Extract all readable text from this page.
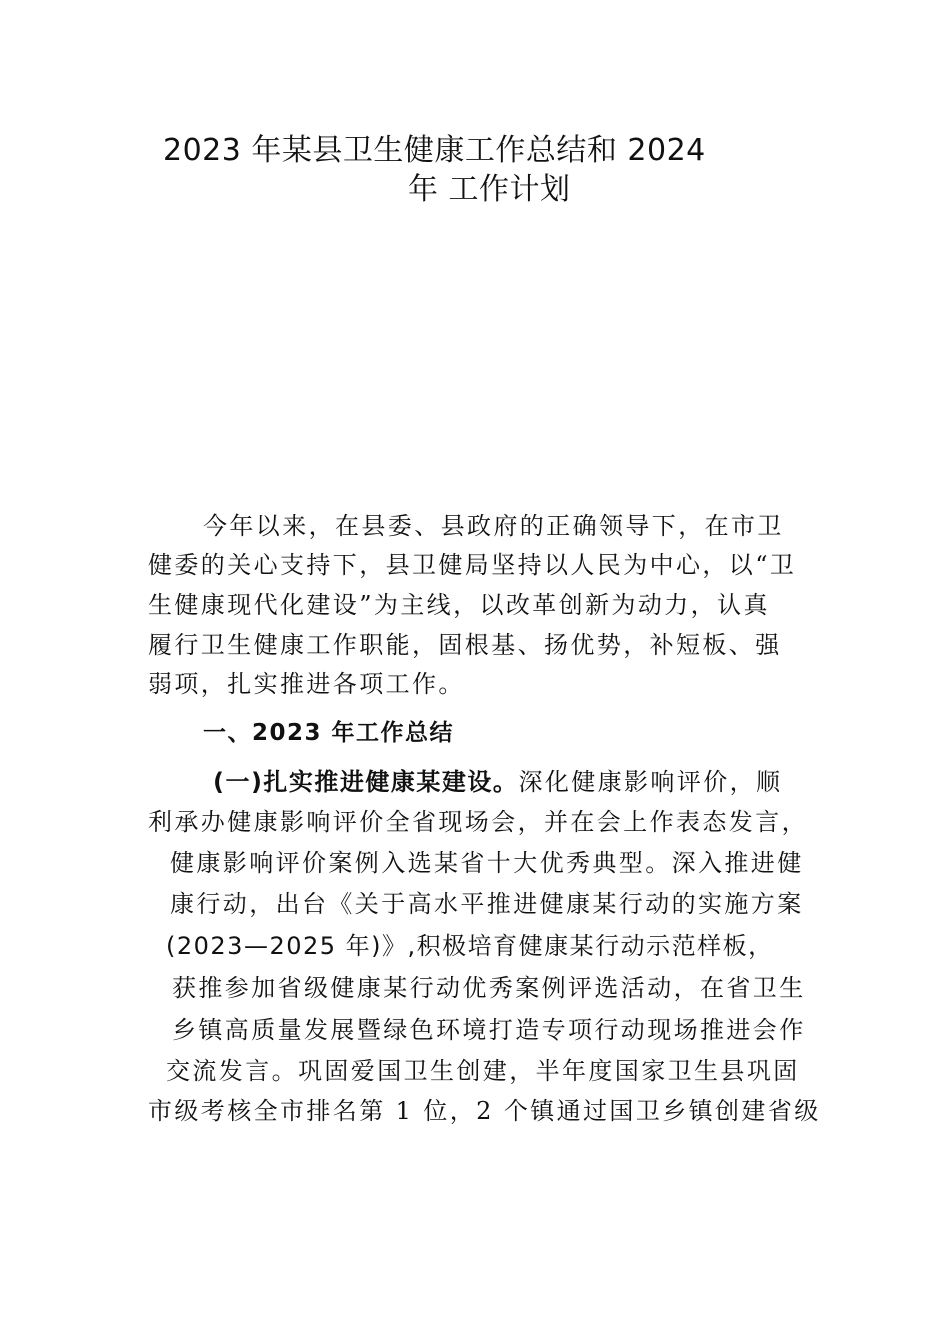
2023 年某县卫生健康工作总结和 2024
年 工作计划
今年以来，在县委、县政府的正确领导下，在市卫
健委的关心支持下，县卫健局坚持以人民为中心，以“卫
生健康现代化建设”为主线，以改革创新为动力，认真
履行卫生健康工作职能，固根基、扬优势，补短板、强
弱项，扎实推进各项工作。
一、2023 年工作总结
(一)扎实推进健康某建设。深化健康影响评价，顺
利承办健康影响评价全省现场会，并在会上作表态发言，
健康影响评价案例入选某省十大优秀典型。深入推进健
康行动，出台《关于高水平推进健康某行动的实施方案
(2023—2025 年)》,积极培育健康某行动示范样板，
获推参加省级健康某行动优秀案例评选活动，在省卫生
乡镇高质量发展暨绿色环境打造专项行动现场推进会作
交流发言。巩固爱国卫生创建，半年度国家卫生县巩固
市级考核全市排名第 1 位，2 个镇通过国卫乡镇创建省级
